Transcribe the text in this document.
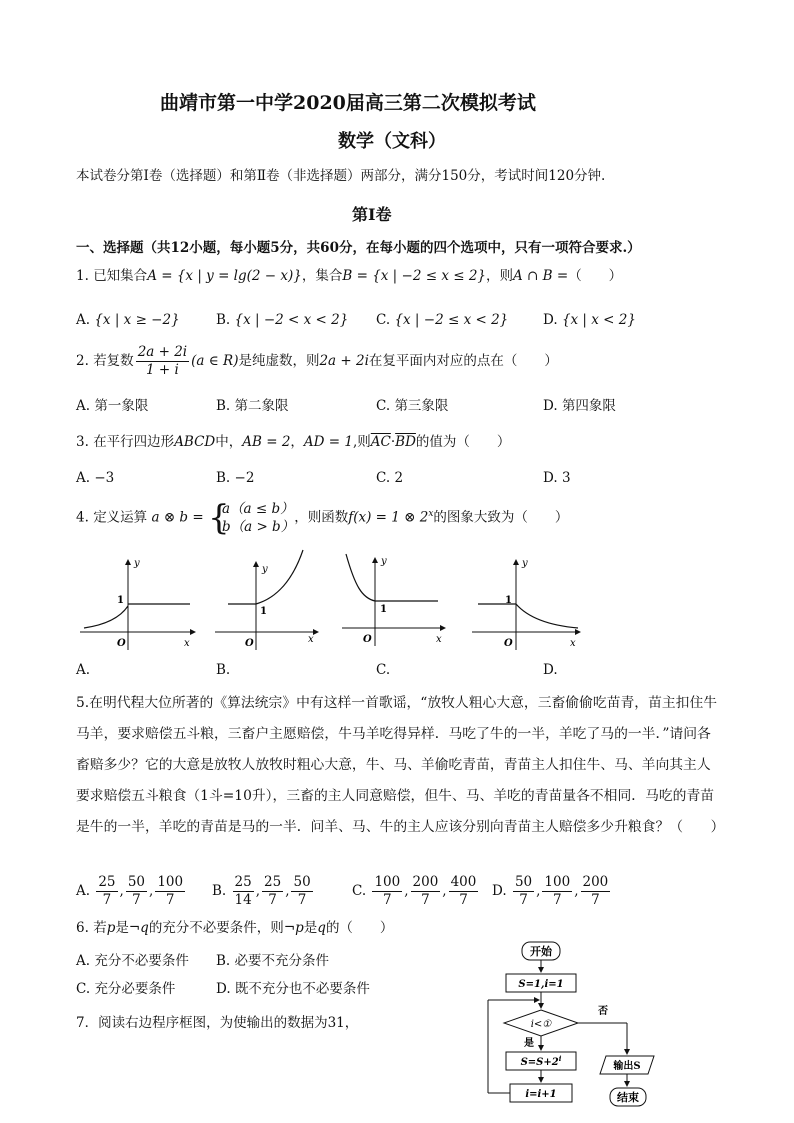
曲靖市第一中学2020届高三第二次模拟考试
数学（文科）
本试卷分第Ⅰ卷（选择题）和第Ⅱ卷（非选择题）两部分，满分150分，考试时间120分钟.
第Ⅰ卷
一、选择题（共12小题，每小题5分，共60分，在每小题的四个选项中，只有一项符合要求.）
1. 已知集合A = {x | y = lg(2 − x)}，集合B = {x | −2 ≤ x ≤ 2}，则A ∩ B =（　　）
A. {x | x ≥ −2}	B. {x | −2 < x < 2} C. {x | −2 ≤ x < 2}	D. {x | x < 2}
2. 若复数 $\frac{2a + 2i}{1 + i} (a$ ∈ R)是纯虚数，则2a + 2i在复平面内对应的点在（　　）
A. 第一象限	B. 第二象限	C. 第三象限	D. 第四象限
3. 在平行四边形ABCD中，AB = 2，AD = 1,则$\overline{AC}\cdot\overline{BD}$的值为（　　）
A. −3	B. −2	C. 2	D. 3
4. 定义运算 a ⊗ b = {
a（a ≤ b）
b（a > b）
，则函数f(x) = 1 ⊗ 2$^x$的图象大致为（　　）
y
x
O
1
y
x
O
1
y
x
O
1
y
x
O
1
A.	B.	C.	D.
5.在明代程大位所著的《算法统宗》中有这样一首歌谣，“放牧人粗心大意，三畜偷偷吃苗青，苗主扣住牛马羊，要求赔偿五斗粮，三畜户主愿赔偿，牛马羊吃得异样．马吃了牛的一半，羊吃了马的一半．”请问各畜赔多少？它的大意是放牧人放牧时粗心大意，牛、马、羊偷吃青苗，青苗主人扣住牛、马、羊向其主人要求赔偿五斗粮食（1斗=10升），三畜的主人同意赔偿，但牛、马、羊吃的青苗量各不相同．马吃的青苗是牛的一半，羊吃的青苗是马的一半．问羊、马、牛的主人应该分别向青苗主人赔偿多少升粮食？（　　）
A. $\frac{25}{7}$ , $\frac{50}{7}$ , $\frac{100}{7} B$. $\frac{25}{14}$ , $\frac{25}{7}$ , $\frac{50}{7}$	C. $\frac{100}{7}$ , $\frac{200}{7}$ , $\frac{400}{7} D$. $\frac{50}{7}$ , $\frac{100}{7}$ , $\frac{200}{7}$
6. 若p是¬q的充分不必要条件，则¬p是q的（　　）
A. 充分不必要条件 B. 必要不充分条件
C. 充分必要条件	D. 既不充分也不必要条件
7．阅读右边程序框图，为使输出的数据为31，
开始
S=1,i=1
i<①
否
是
$S=S+2^i$
i=i+1
输出S
结束
